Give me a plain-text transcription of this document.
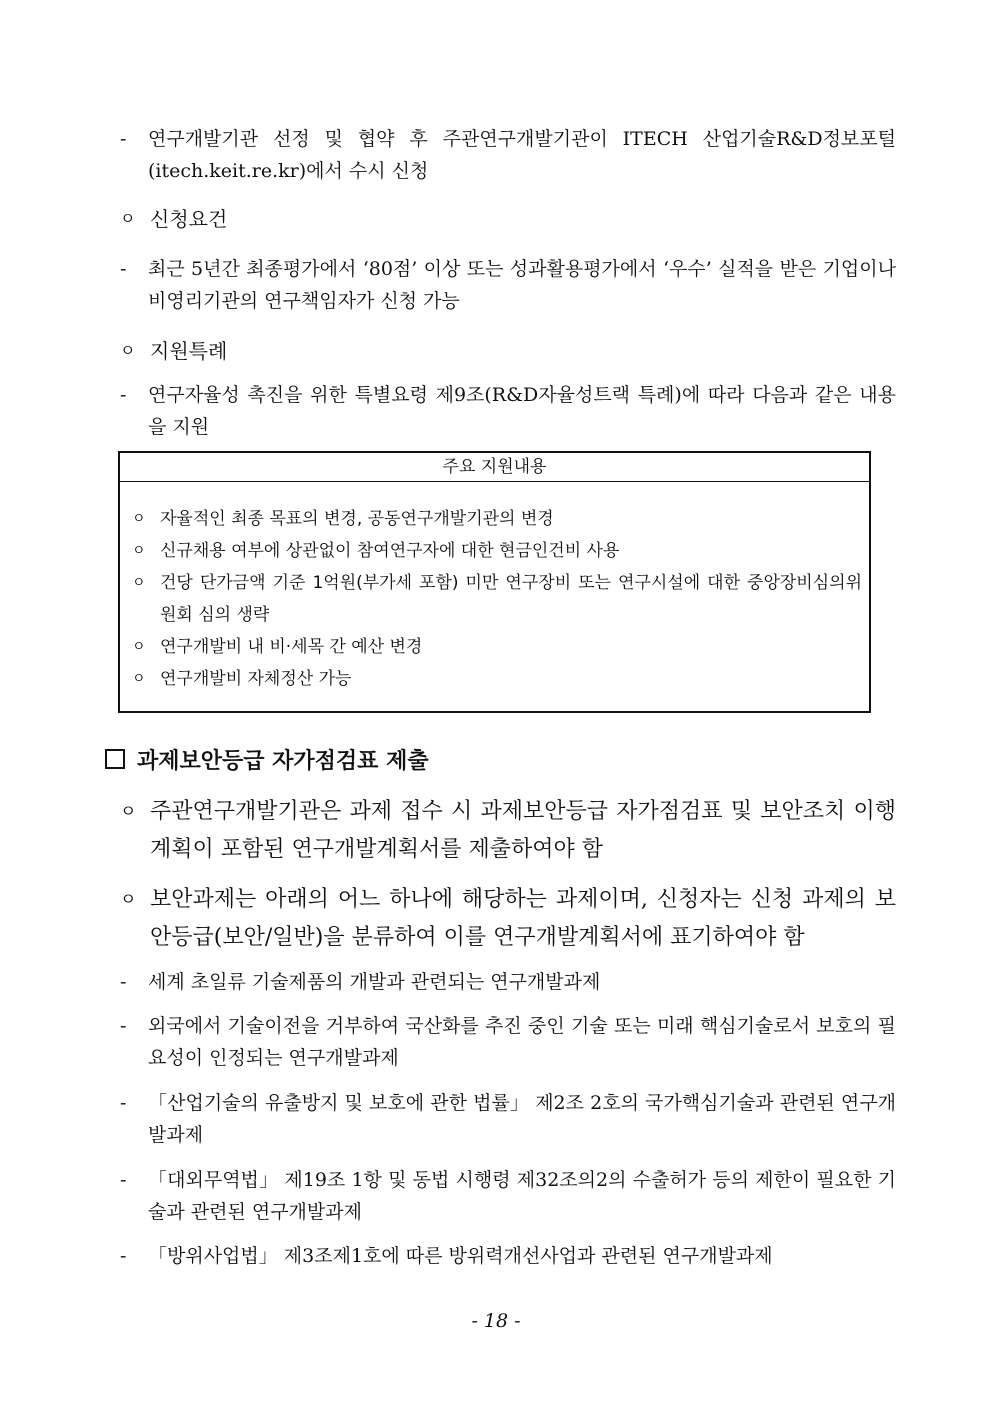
-	연구개발기관 선정 및 협약 후 주관연구개발기관이 ITECH 산업기술R&D정보포털 (itech.keit.re.kr)에서 수시 신청
ㅇ 신청요건
-	최근 5년간 최종평가에서 ‘80점’ 이상 또는 성과활용평가에서 ‘우수’ 실적을 받은 기업이나 비영리기관의 연구책임자가 신청 가능
ㅇ 지원특례
-	연구자율성 촉진을 위한 특별요령 제9조(R&D자율성트랙 특례)에 따라 다음과 같은 내용을 지원
주요 지원내용
ㅇ 자율적인 최종 목표의 변경, 공동연구개발기관의 변경
ㅇ 신규채용 여부에 상관없이 참여연구자에 대한 현금인건비 사용
ㅇ 건당 단가금액 기준 1억원(부가세 포함) 미만 연구장비 또는 연구시설에 대한 중앙장비심의위원회 심의 생략
ㅇ 연구개발비 내 비·세목 간 예산 변경
ㅇ 연구개발비 자체정산 가능
과제보안등급 자가점검표 제출
ㅇ 주관연구개발기관은 과제 접수 시 과제보안등급 자가점검표 및 보안조치 이행계획이 포함된 연구개발계획서를 제출하여야 함
ㅇ 보안과제는 아래의 어느 하나에 해당하는 과제이며, 신청자는 신청 과제의 보안등급(보안/일반)을 분류하여 이를 연구개발계획서에 표기하여야 함
-	세계 초일류 기술제품의 개발과 관련되는 연구개발과제
-	외국에서 기술이전을 거부하여 국산화를 추진 중인 기술 또는 미래 핵심기술로서 보호의 필요성이 인정되는 연구개발과제
-	「산업기술의 유출방지 및 보호에 관한 법률」 제2조 2호의 국가핵심기술과 관련된 연구개발과제
-	「대외무역법」 제19조 1항 및 동법 시행령 제32조의2의 수출허가 등의 제한이 필요한 기술과 관련된 연구개발과제
-	「방위사업법」 제3조제1호에 따른 방위력개선사업과 관련된 연구개발과제
- 18 -
